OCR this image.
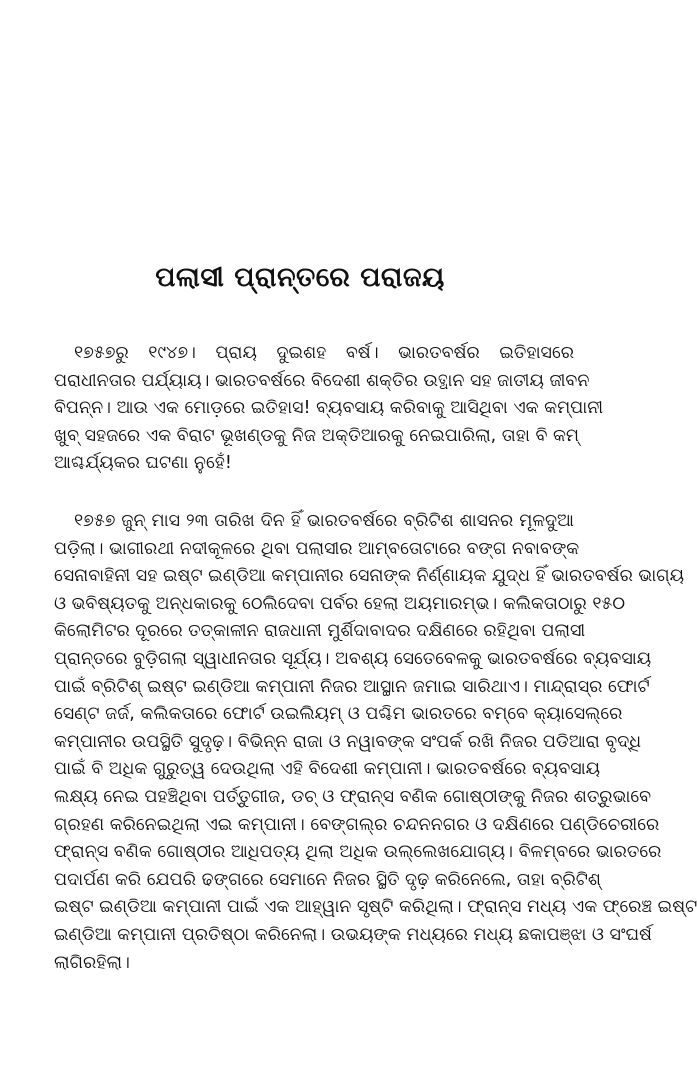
ପଲାସୀ ପ୍ରାନ୍ତରେ ପରାଜୟ
୧୭୫୭ରୁ ୧୯୪୭। ପ୍ରାୟ ଦୁଇଶହ ବର୍ଷ। ଭାରତବର୍ଷର ଇତିହାସରେ
ପରାଧୀନତାର ପର୍ଯ୍ୟାୟ। ଭାରତବର୍ଷରେ ବିଦେଶୀ ଶକ୍ତିର ଉତ୍ଥାନ ସହ ଜାତୀୟ ଜୀବନ
ବିପନ୍ନ। ଆଉ ଏକ ମୋଡ଼ରେ ଇତିହାସ! ବ୍ୟବସାୟ କରିବାକୁ ଆସିଥିବା ଏକ କମ୍ପାନୀ
ଖୁବ୍ ସହଜରେ ଏକ ବିରାଟ ଭୂଖଣ୍ଡକୁ ନିଜ ଅକ୍ତିଆରକୁ ନେଇପାରିଲା, ତାହା ବି କମ୍
ଆଶ୍ଚର୍ଯ୍ୟକର ଘଟଣା ନୁହେଁ!
୧୭୫୭ ଜୁନ୍ ମାସ ୨୩ ତାରିଖ ଦିନ ହିଁ ଭାରତବର୍ଷରେ ବ୍ରିଟିଶ ଶାସନର ମୂଳଦୁଆ
ପଡ଼ିଲା। ଭାଗୀରଥୀ ନଦୀକୂଳରେ ଥିବା ପଲାସୀର ଆମ୍ବତୋଟାରେ ବଙ୍ଗ ନବାବଙ୍କ
ସେନାବାହିନୀ ସହ ଇଷ୍ଟ ଇଣ୍ଡିଆ କମ୍ପାନୀର ସେନାଙ୍କ ନିର୍ଣ୍ଣାୟକ ଯୁଦ୍ଧ ହିଁ ଭାରତବର୍ଷର ଭାଗ୍ୟ
ଓ ଭବିଷ୍ୟତକୁ ଅନ୍ଧକାରକୁ ଠେଲିଦେବା ପର୍ବର ହେଲା ଅୟମାରମ୍ଭ। କଲିକତାଠାରୁ ୧୫୦
କିଲୋମିଟର ଦୂରରେ ତତ୍କାଳୀନ ରାଜଧାନୀ ମୁର୍ଶିଦାବାଦର ଦକ୍ଷିଣରେ ରହିଥିବା ପଲାସୀ
ପ୍ରାନ୍ତରେ ବୁଡ଼ିଗଲା ସ୍ୱାଧୀନତାର ସୂର୍ଯ୍ୟ। ଅବଶ୍ୟ ସେତେବେଳକୁ ଭାରତବର୍ଷରେ ବ୍ୟବସାୟ
ପାଇଁ ବ୍ରିଟିଶ୍ ଇଷ୍ଟ ଇଣ୍ଡିଆ କମ୍ପାନୀ ନିଜର ଆସ୍ଥାନ ଜମାଇ ସାରିଥାଏ। ମାନ୍ଦ୍ରାସ୍‌ର ଫୋର୍ଟ
ସେଣ୍ଟ ଜର୍ଜ, କଲିକତାରେ ଫୋର୍ଟ ଉଇଲିୟମ୍ ଓ ପଶ୍ଚିମ ଭାରତରେ ବମ୍ବେ କ୍ୟାସେଲ୍‌ରେ
କମ୍ପାନୀର ଉପସ୍ଥିତି ସୁଦୃଢ଼। ବିଭିନ୍ନ ରାଜା ଓ ନୱାବଙ୍କ ସଂପର୍କ ରଖି ନିଜର ପଡିଆରା ବୃଦ୍ଧି
ପାଇଁ ବି ଅଧିକ ଗୁରୁତ୍ୱ ଦେଉଥିଲା ଏହି ବିଦେଶୀ କମ୍ପାନୀ। ଭାରତବର୍ଷରେ ବ୍ୟବସାୟ
ଲକ୍ଷ୍ୟ ନେଇ ପହଞ୍ଚିଥିବା ପର୍ତ୍ତୁଗୀଜ, ଡଚ୍ ଓ ଫ୍ରାନ୍ସ ବଣିକ ଗୋଷ୍ଠୀଙ୍କୁ ନିଜର ଶତ୍ରୁଭାବେ
ଗ୍ରହଣ କରିନେଇଥିଲା ଏଇ କମ୍ପାନୀ। ବେଙ୍ଗଲ୍‌ର ଚନ୍ଦନନଗର ଓ ଦକ୍ଷିଣରେ ପଣ୍ଡିଚେରୀରେ
ଫ୍ରାନ୍ସ ବଣିକ ଗୋଷ୍ଠୀର ଆଧିପତ୍ୟ ଥିଲା ଅଧିକ ଉଲ୍ଲେଖଯୋଗ୍ୟ। ବିଳମ୍ବରେ ଭାରତରେ
ପଦାର୍ପଣ କରି ଯେପରି ଢଙ୍ଗରେ ସେମାନେ ନିଜର ସ୍ଥିତି ଦୃଢ଼ କରିନେଲେ, ତାହା ବ୍ରିଟିଶ୍
ଇଷ୍ଟ ଇଣ୍ଡିଆ କମ୍ପାନୀ ପାଇଁ ଏକ ଆହ୍ୱାନ ସୃଷ୍ଟି କରିଥିଲା। ଫ୍ରାନ୍ସ ମଧ୍ୟ ଏକ ଫ୍ରେଞ୍ଚ ଇଷ୍ଟ
ଇଣ୍ଡିଆ କମ୍ପାନୀ ପ୍ରତିଷ୍ଠା କରିନେଲା। ଉଭୟଙ୍କ ମଧ୍ୟରେ ମଧ୍ୟ ଛକାପଞ୍ଝା ଓ ସଂଘର୍ଷ
ଲାଗିରହିଲା।
